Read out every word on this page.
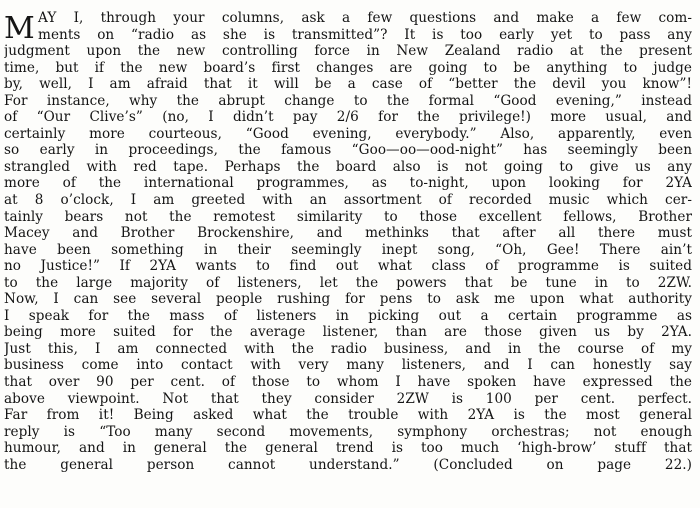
M AY I, through your columns, ask a few questions and make a few com-
ments on “radio as she is transmitted”? It is too early yet to pass any
judgment upon the new controlling force in New Zealand radio at the present
time, but if the new board’s first changes are going to be anything to judge
by, well, I am afraid that it will be a case of “better the devil you know”!
For instance, why the abrupt change to the formal “Good evening,” instead
of “Our Clive’s” (no, I didn’t pay 2/6 for the privilege!) more usual, and
certainly more courteous, “Good evening, everybody.” Also, apparently, even
so early in proceedings, the famous “Goo—oo—ood-night” has seemingly been
strangled with red tape. Perhaps the board also is not going to give us any
more of the international programmes, as to-night, upon looking for 2YA
at 8 o’clock, I am greeted with an assortment of recorded music which cer-
tainly bears not the remotest similarity to those excellent fellows, Brother
Macey and Brother Brockenshire, and methinks that after all there must
have been something in their seemingly inept song, “Oh, Gee! There ain’t
no Justice!” If 2YA wants to find out what class of programme is suited
to the large majority of listeners, let the powers that be tune in to 2ZW.
Now, I can see several people rushing for pens to ask me upon what authority
I speak for the mass of listeners in picking out a certain programme as
being more suited for the average listener, than are those given us by 2YA.
Just this, I am connected with the radio business, and in the course of my
business come into contact with very many listeners, and I can honestly say
that over 90 per cent. of those to whom I have spoken have expressed the
above viewpoint. Not that they consider 2ZW is 100 per cent. perfect.
Far from it! Being asked what the trouble with 2YA is the most general
reply is “Too many second movements, symphony orchestras; not enough
humour, and in general the general trend is too much ‘high-brow’ stuff that
the general person cannot understand.” (Concluded on page 22.)
